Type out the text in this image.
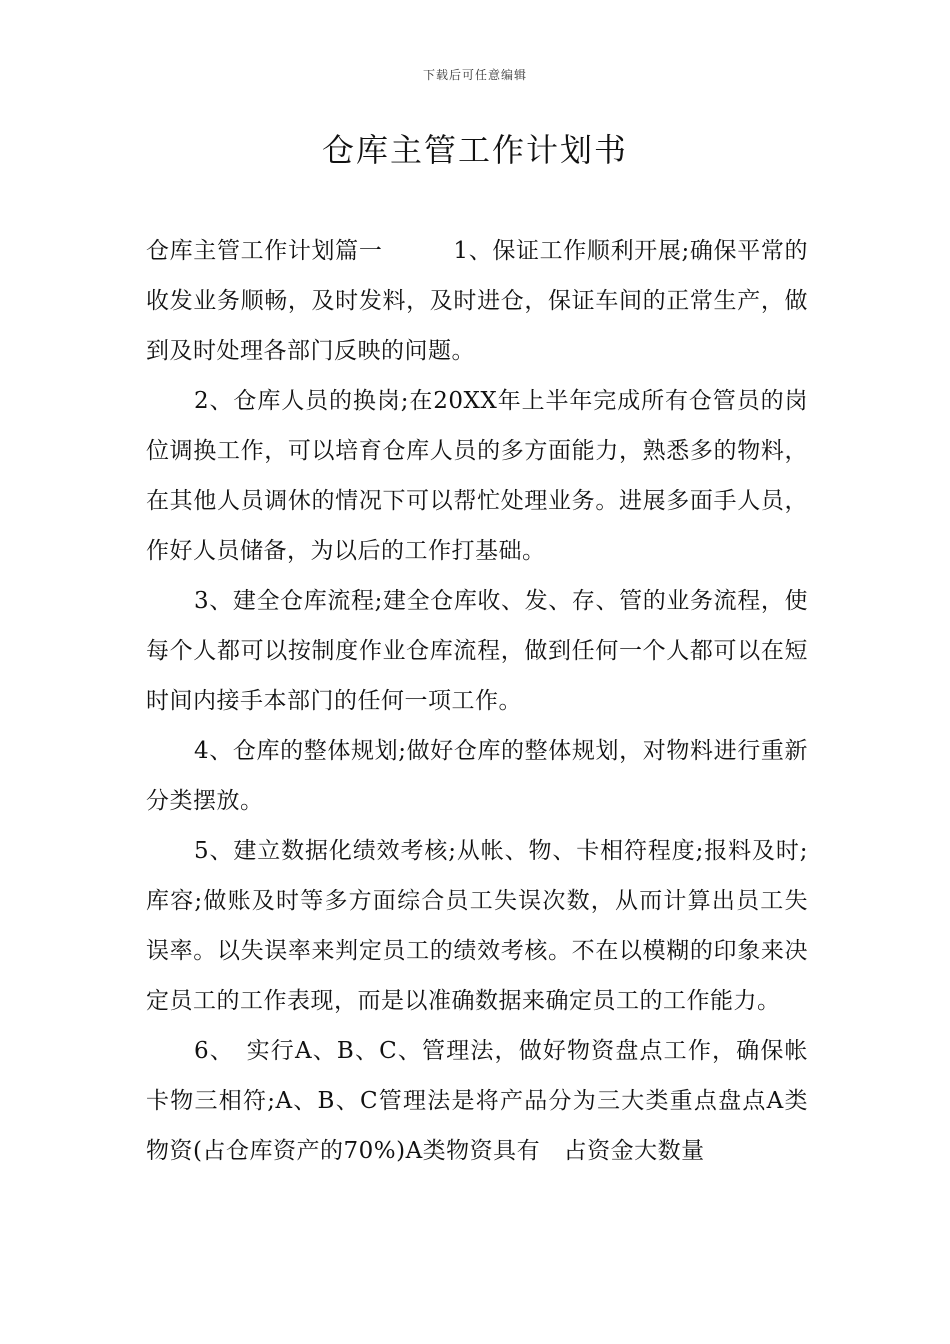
下载后可任意编辑
仓库主管工作计划书

仓库主管工作计划篇一　　　1、保证工作顺利开展;确保平常的收发业务顺畅，及时发料，及时进仓，保证车间的正常生产，做到及时处理各部门反映的问题。

2、仓库人员的换岗;在20XX年上半年完成所有仓管员的岗位调换工作，可以培育仓库人员的多方面能力，熟悉多的物料，在其他人员调休的情况下可以帮忙处理业务。进展多面手人员，作好人员储备，为以后的工作打基础。

3、建全仓库流程;建全仓库收、发、存、管的业务流程，使每个人都可以按制度作业仓库流程，做到任何一个人都可以在短时间内接手本部门的任何一项工作。

4、仓库的整体规划;做好仓库的整体规划，对物料进行重新分类摆放。

5、建立数据化绩效考核;从帐、物、卡相符程度;报料及时;库容;做账及时等多方面综合员工失误次数，从而计算出员工失误率。以失误率来判定员工的绩效考核。不在以模糊的印象来决定员工的工作表现，而是以准确数据来确定员工的工作能力。

6、　实行A、B、C、管理法，做好物资盘点工作，确保帐卡物三相符;A、B、C管理法是将产品分为三大类重点盘点A类物资(占仓库资产的70%)A类物资具有　占资金大数量
